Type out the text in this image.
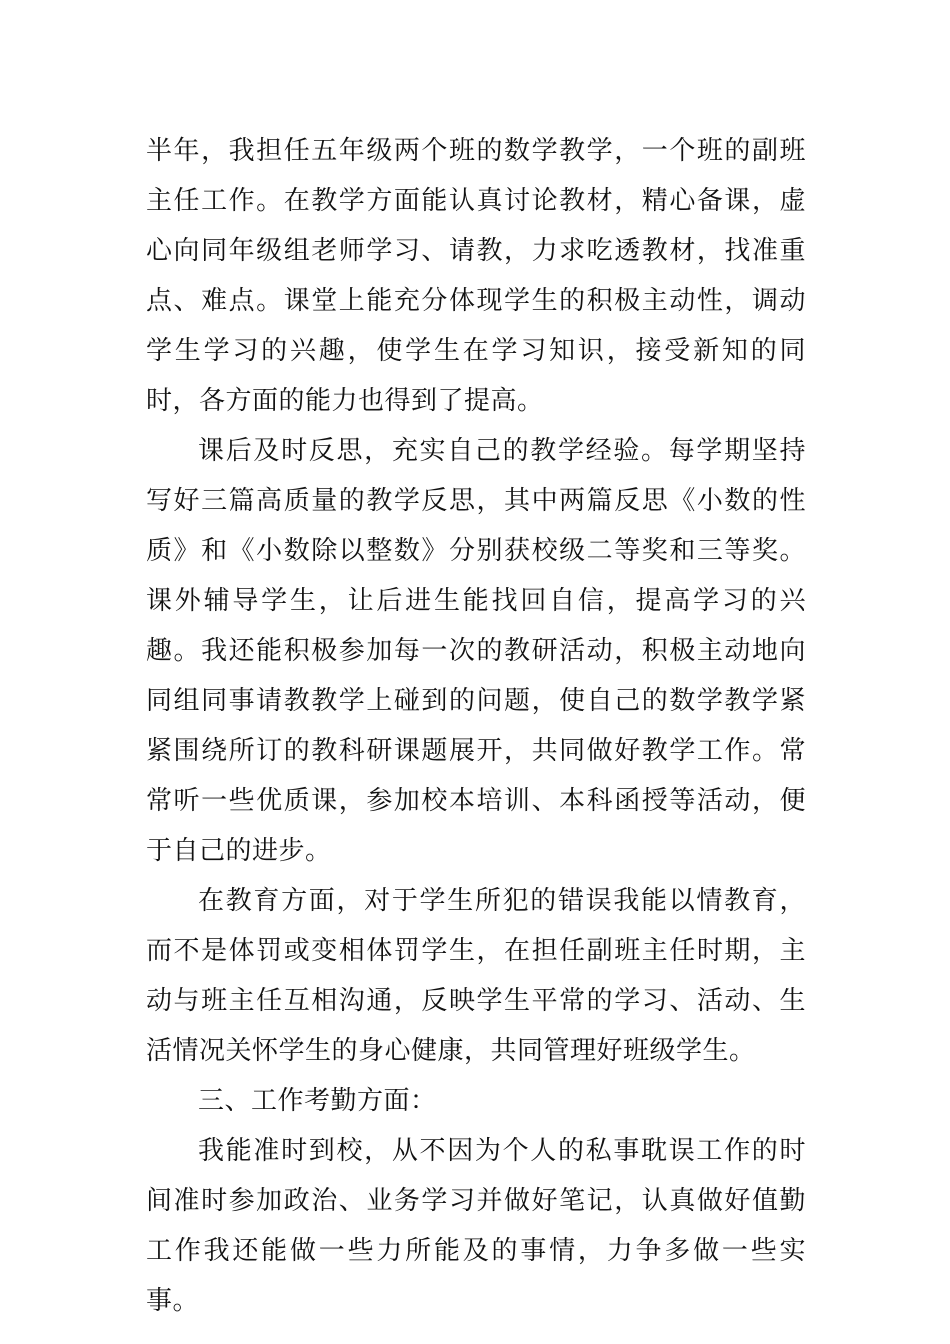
半年，我担任五年级两个班的数学教学，一个班的副班主任工作。在教学方面能认真讨论教材，精心备课，虚心向同年级组老师学习、请教，力求吃透教材，找准重点、难点。课堂上能充分体现学生的积极主动性，调动学生学习的兴趣，使学生在学习知识，接受新知的同时，各方面的能力也得到了提高。

课后及时反思，充实自己的教学经验。每学期坚持写好三篇高质量的教学反思，其中两篇反思《小数的性质》和《小数除以整数》分别获校级二等奖和三等奖。课外辅导学生，让后进生能找回自信，提高学习的兴趣。我还能积极参加每一次的教研活动，积极主动地向同组同事请教教学上碰到的问题，使自己的数学教学紧紧围绕所订的教科研课题展开，共同做好教学工作。常常听一些优质课，参加校本培训、本科函授等活动，便于自己的进步。

在教育方面，对于学生所犯的错误我能以情教育，而不是体罚或变相体罚学生，在担任副班主任时期，主动与班主任互相沟通，反映学生平常的学习、活动、生活情况关怀学生的身心健康，共同管理好班级学生。

三、工作考勤方面：

我能准时到校，从不因为个人的私事耽误工作的时间准时参加政治、业务学习并做好笔记，认真做好值勤工作我还能做一些力所能及的事情，力争多做一些实事。
